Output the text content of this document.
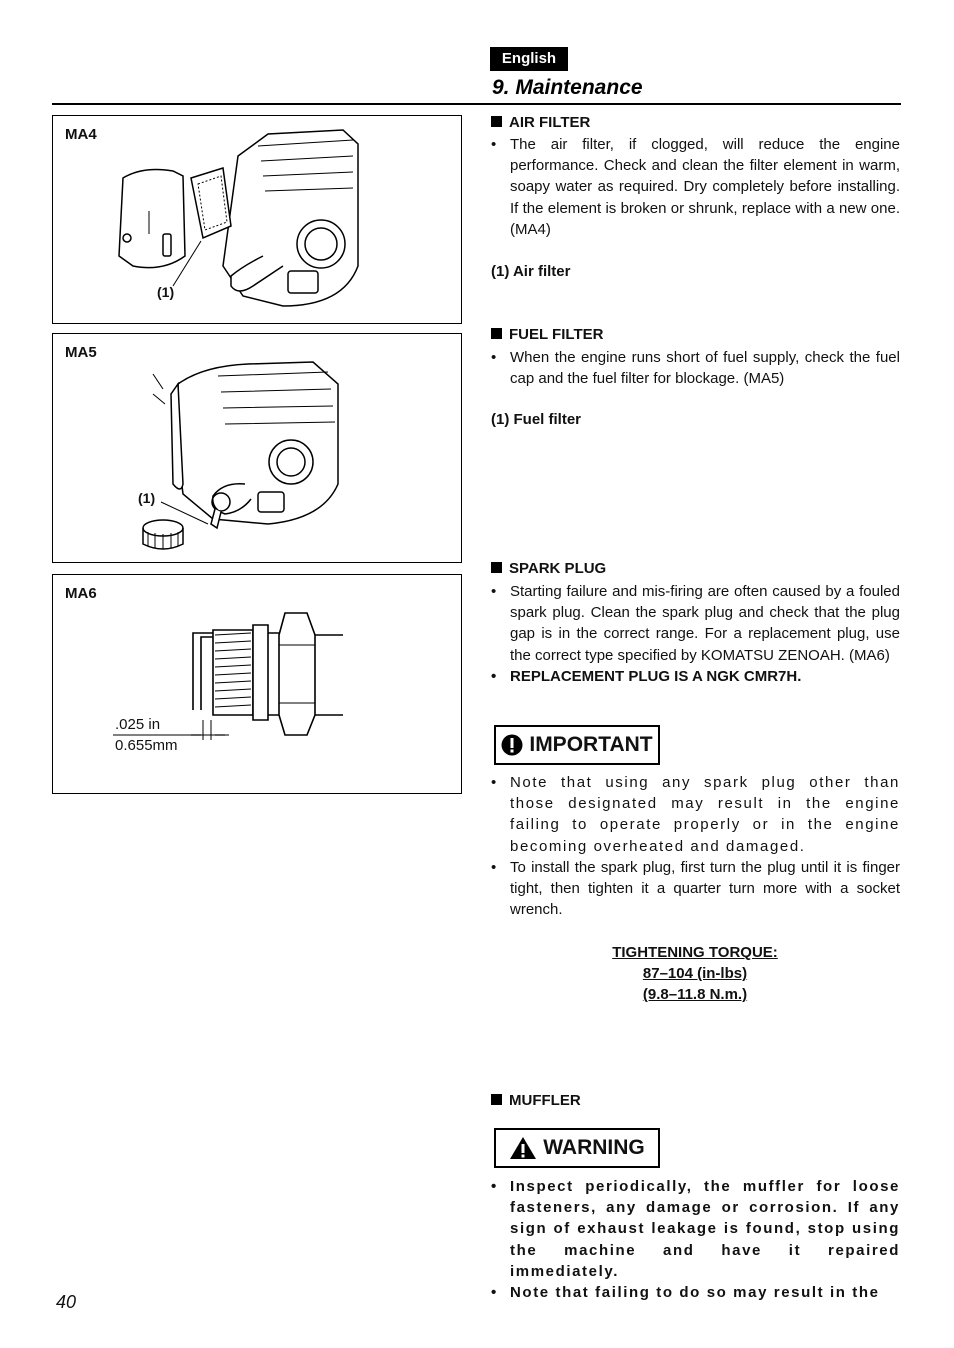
English
9. Maintenance
MA4
(1)
MA5
(1)
MA6
.025 in
0.655mm
AIR FILTER
• The air filter, if clogged, will reduce the engine performance. Check and clean the filter element in warm, soapy water as required. Dry completely before installing. If the element is broken or shrunk, replace with a new one. (MA4)
(1) Air filter
FUEL FILTER
• When the engine runs short of fuel supply, check the fuel cap and the fuel filter for blockage. (MA5)
(1) Fuel filter
SPARK PLUG
• Starting failure and mis-firing are often caused by a fouled spark plug. Clean the spark plug and check that the plug gap is in the correct range. For a replacement plug, use the correct type specified by KOMATSU ZENOAH. (MA6)
• REPLACEMENT PLUG IS A NGK CMR7H.
IMPORTANT
• Note that using any spark plug other than those designated may result in the engine failing to operate properly or in the engine becoming overheated and damaged.
• To install the spark plug, first turn the plug until it is finger tight, then tighten it a quarter turn more with a socket wrench.
TIGHTENING TORQUE:
87–104 (in-lbs)
(9.8–11.8 N.m.)
MUFFLER
WARNING
• Inspect periodically, the muffler for loose fasteners, any damage or corrosion. If any sign of exhaust leakage is found, stop using the machine and have it repaired immediately.
• Note that failing to do so may result in the
40
